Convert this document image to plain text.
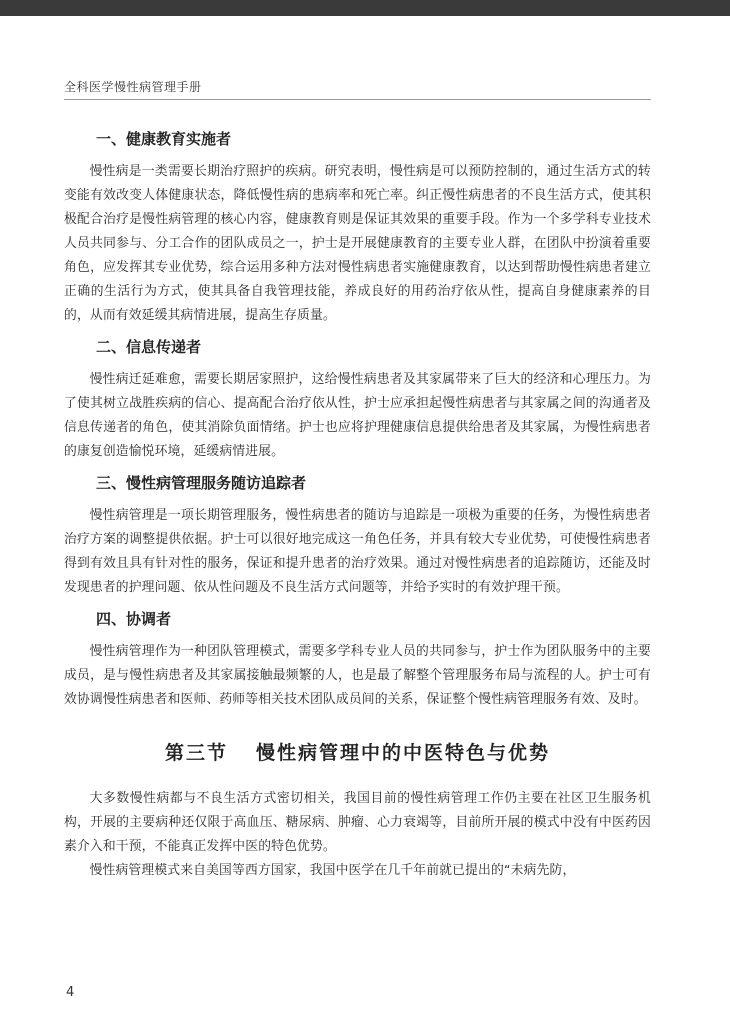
全科医学慢性病管理手册
一、健康教育实施者

慢性病是一类需要长期治疗照护的疾病。研究表明，慢性病是可以预防控制的，通过生活方式的转变能有效改变人体健康状态，降低慢性病的患病率和死亡率。纠正慢性病患者的不良生活方式，使其积极配合治疗是慢性病管理的核心内容，健康教育则是保证其效果的重要手段。作为一个多学科专业技术人员共同参与、分工合作的团队成员之一，护士是开展健康教育的主要专业人群，在团队中扮演着重要角色，应发挥其专业优势，综合运用多种方法对慢性病患者实施健康教育，以达到帮助慢性病患者建立正确的生活行为方式，使其具备自我管理技能，养成良好的用药治疗依从性，提高自身健康素养的目的，从而有效延缓其病情进展，提高生存质量。

二、信息传递者

慢性病迁延难愈，需要长期居家照护，这给慢性病患者及其家属带来了巨大的经济和心理压力。为了使其树立战胜疾病的信心、提高配合治疗依从性，护士应承担起慢性病患者与其家属之间的沟通者及信息传递者的角色，使其消除负面情绪。护士也应将护理健康信息提供给患者及其家属，为慢性病患者的康复创造愉悦环境，延缓病情进展。

三、慢性病管理服务随访追踪者

慢性病管理是一项长期管理服务，慢性病患者的随访与追踪是一项极为重要的任务，为慢性病患者治疗方案的调整提供依据。护士可以很好地完成这一角色任务，并具有较大专业优势，可使慢性病患者得到有效且具有针对性的服务，保证和提升患者的治疗效果。通过对慢性病患者的追踪随访，还能及时发现患者的护理问题、依从性问题及不良生活方式问题等，并给予实时的有效护理干预。

四、协调者

慢性病管理作为一种团队管理模式，需要多学科专业人员的共同参与，护士作为团队服务中的主要成员，是与慢性病患者及其家属接触最频繁的人，也是最了解整个管理服务布局与流程的人。护士可有效协调慢性病患者和医师、药师等相关技术团队成员间的关系，保证整个慢性病管理服务有效、及时。

第三节 慢性病管理中的中医特色与优势

大多数慢性病都与不良生活方式密切相关，我国目前的慢性病管理工作仍主要在社区卫生服务机构，开展的主要病种还仅限于高血压、糖尿病、肿瘤、心力衰竭等，目前所开展的模式中没有中医药因素介入和干预，不能真正发挥中医的特色优势。

慢性病管理模式来自美国等西方国家，我国中医学在几千年前就已提出的“未病先防，

4
